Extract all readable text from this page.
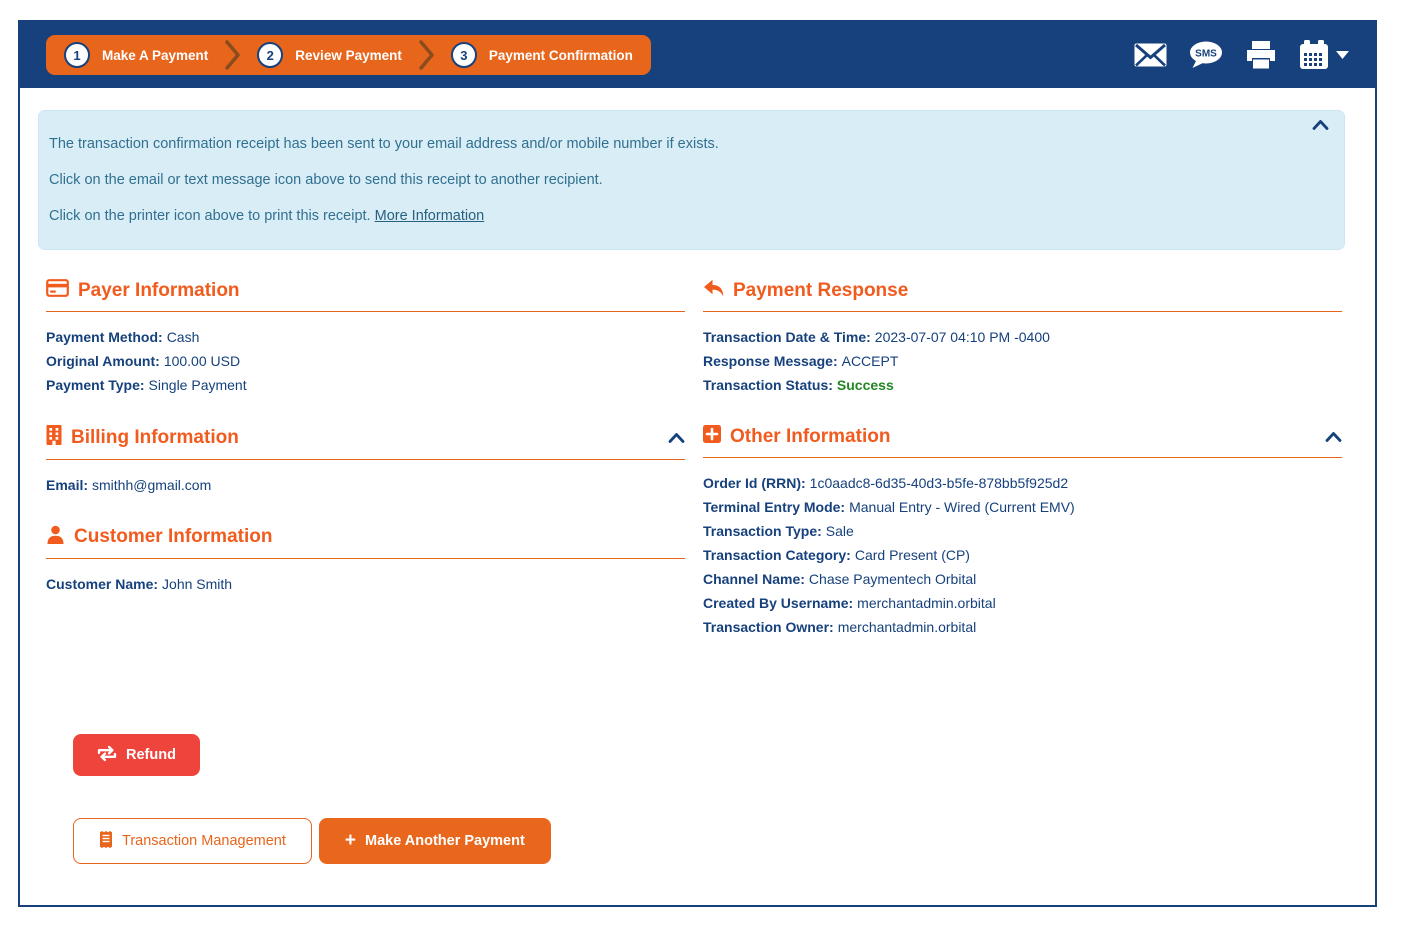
1	Make A Payment	2	Review Payment	3	Payment Confirmation	SMS

The transaction confirmation receipt has been sent to your email address and/or mobile number if exists.

Click on the email or text message icon above to send this receipt to another recipient.

Click on the printer icon above to print this receipt. More Information

Payer Information
Payment Method: Cash
Original Amount: 100.00 USD
Payment Type: Single Payment
Billing Information
Email: smithh@gmail.com
Customer Information
Customer Name: John Smith
Payment Response
Transaction Date & Time: 2023-07-07 04:10 PM -0400
Response Message: ACCEPT
Transaction Status: Success
Other Information
Order Id (RRN): 1c0aadc8-6d35-40d3-b5fe-878bb5f925d2
Terminal Entry Mode: Manual Entry - Wired (Current EMV)
Transaction Type: Sale
Transaction Category: Card Present (CP)
Channel Name: Chase Paymentech Orbital
Created By Username: merchantadmin.orbital
Transaction Owner: merchantadmin.orbital
Refund
Transaction Management	+ Make Another Payment
